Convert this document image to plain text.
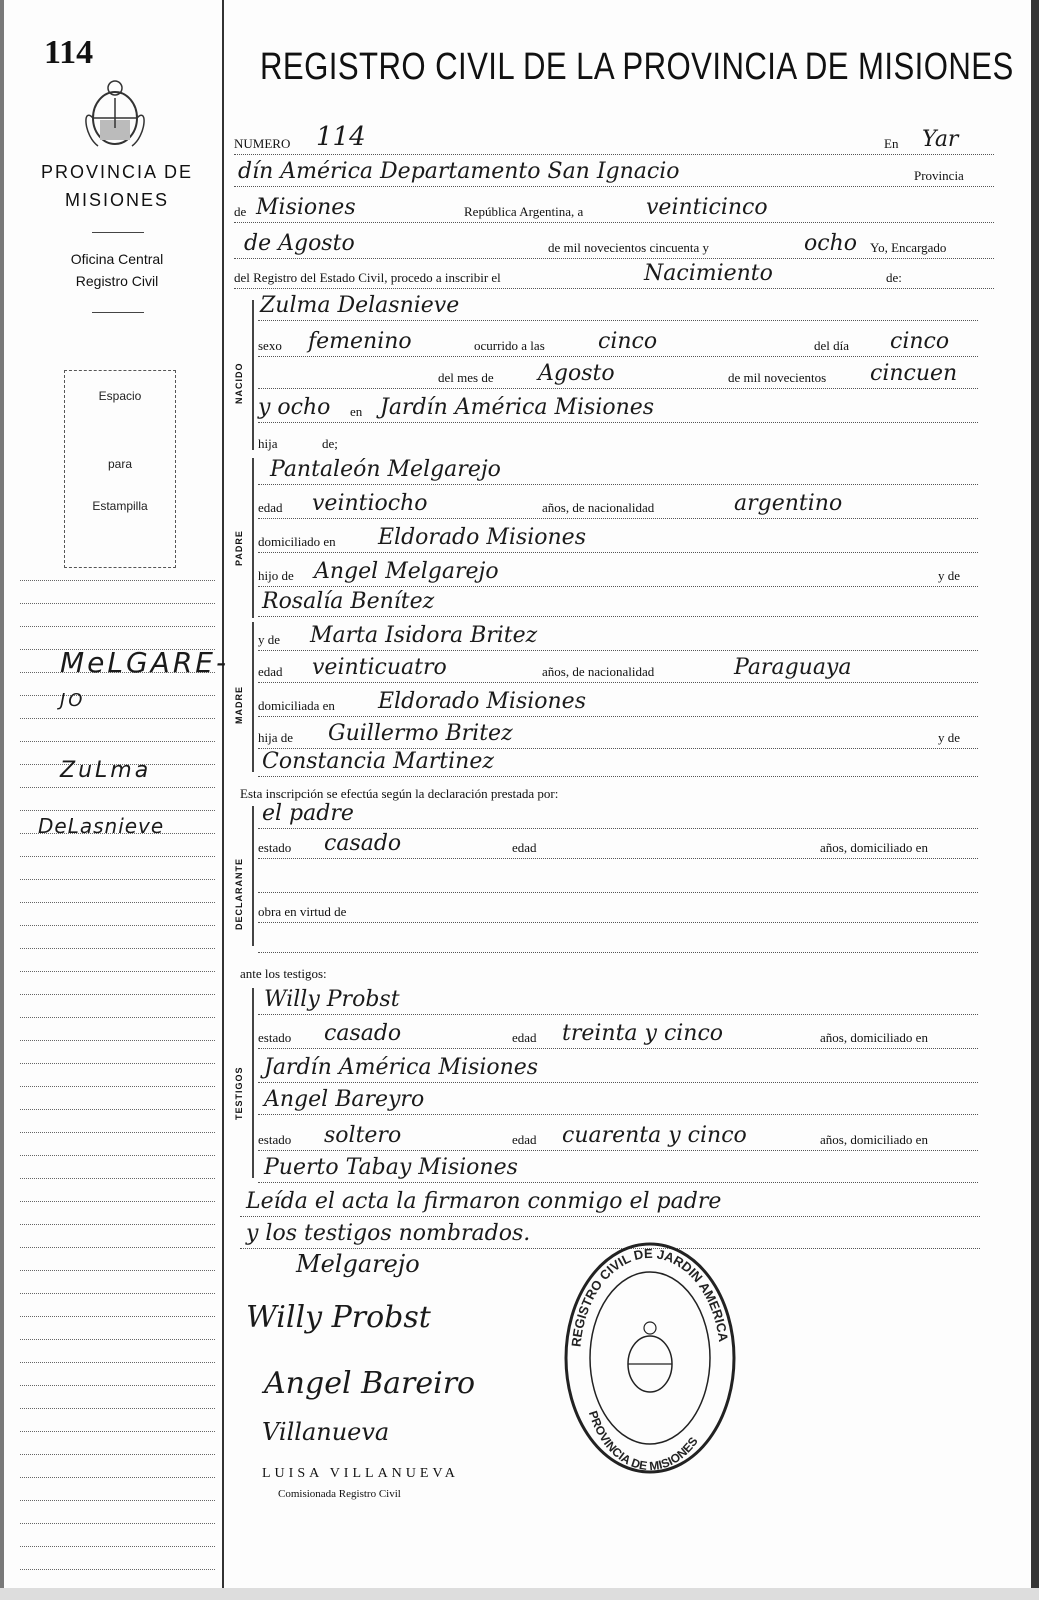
114
PROVINCIA DE
MISIONES
Oficina Central
Registro Civil
Espacio
para
Estampilla
MeLGARE-
JO
ZuLma
DeLasnieve
REGISTRO CIVIL DE LA PROVINCIA DE MISIONES
NUMERO 114	En Yar
dín América Departamento San Ignacio	Provincia
de Misiones	República Argentina, a	veinticinco
de Agosto	de mil novecientos cincuenta y	ocho Yo, Encargado
del Registro del Estado Civil, procedo a inscribir el	Nacimiento	de:
NACIDO
Zulma Delasnieve
sexo femenino	ocurrido a las cinco	del día cinco
del mes de Agosto	de mil novecientos cincuen
y ocho en Jardín América Misiones
hija	de;
PADRE
Pantaleón Melgarejo
edad veintiocho	años, de nacionalidad	argentino
domiciliado en Eldorado Misiones
hijo de Angel Melgarejo	y de
Rosalía Benítez
MADRE
y de Marta Isidora Britez
edad veinticuatro	años, de nacionalidad	Paraguaya
domiciliada en Eldorado Misiones
hija de Guillermo Britez	y de
Constancia Martinez
Esta inscripción se efectúa según la declaración prestada por:
DECLARANTE
el padre
estado casado	edad	años, domiciliado en
obra en virtud de
ante los testigos:
TESTIGOS
Willy Probst
estado casado	edad treinta y cinco	años, domiciliado en
Jardín América Misiones
Angel Bareyro
estado soltero	edad cuarenta y cinco	años, domiciliado en
Puerto Tabay Misiones
Leída el acta la firmaron conmigo el padre
y los testigos nombrados.
Melgarejo
Willy Probst
Angel Bareiro
Villanueva
LUISA VILLANUEVA
Comisionada Registro Civil
REGISTRO CIVIL DE JARDIN AMERICA
PROVINCIA DE MISIONES
